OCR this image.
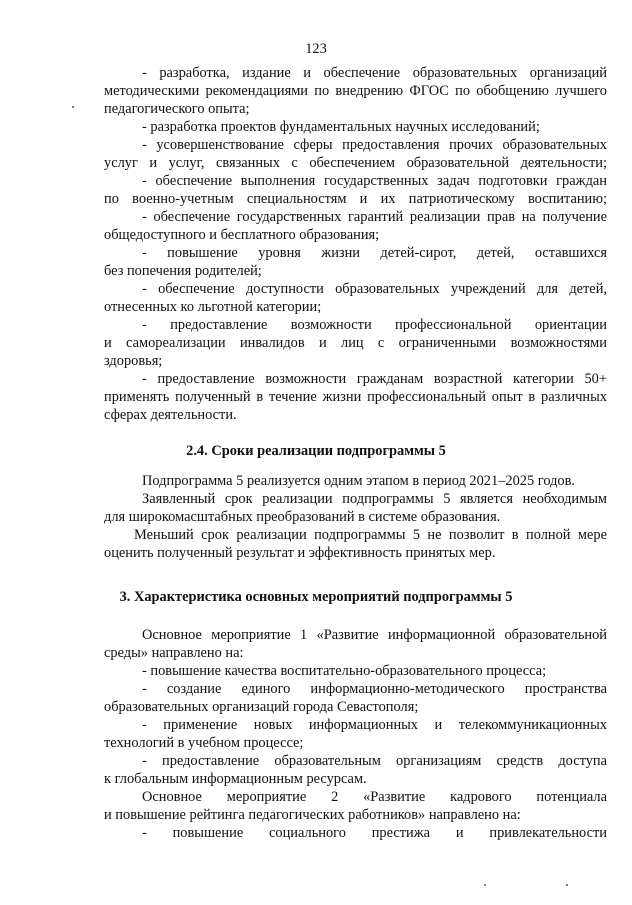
123
- разработка, издание и обеспечение образовательных организаций
методическими рекомендациями по внедрению ФГОС по обобщению лучшего
педагогического опыта;
- разработка проектов фундаментальных научных исследований;
- усовершенствование сферы предоставления прочих образовательных
услуг и услуг, связанных с обеспечением образовательной деятельности;
- обеспечение выполнения государственных задач подготовки граждан
по военно-учетным специальностям и их патриотическому воспитанию;
- обеспечение государственных гарантий реализации прав на получение
общедоступного и бесплатного образования;
- повышение уровня жизни детей-сирот, детей, оставшихся
без попечения родителей;
- обеспечение доступности образовательных учреждений для детей,
отнесенных ко льготной категории;
- предоставление возможности профессиональной ориентации
и самореализации инвалидов и лиц с ограниченными возможностями
здоровья;
- предоставление возможности гражданам возрастной категории 50+
применять полученный в течение жизни профессиональный опыт в различных
сферах деятельности.
2.4. Сроки реализации подпрограммы 5
Подпрограмма 5 реализуется одним этапом в период 2021–2025 годов.
Заявленный срок реализации подпрограммы 5 является необходимым
для широкомасштабных преобразований в системе образования.
Меньший срок реализации подпрограммы 5 не позволит в полной мере
оценить полученный результат и эффективность принятых мер.
3. Характеристика основных мероприятий подпрограммы 5
Основное мероприятие 1 «Развитие информационной образовательной
среды» направлено на:
- повышение качества воспитательно-образовательного процесса;
- создание единого информационно-методического пространства
образовательных организаций города Севастополя;
- применение новых информационных и телекоммуникационных
технологий в учебном процессе;
- предоставление образовательным организациям средств доступа
к глобальным информационным ресурсам.
Основное мероприятие 2 «Развитие кадрового потенциала
и повышение рейтинга педагогических работников» направлено на:
- повышение социального престижа и привлекательности
